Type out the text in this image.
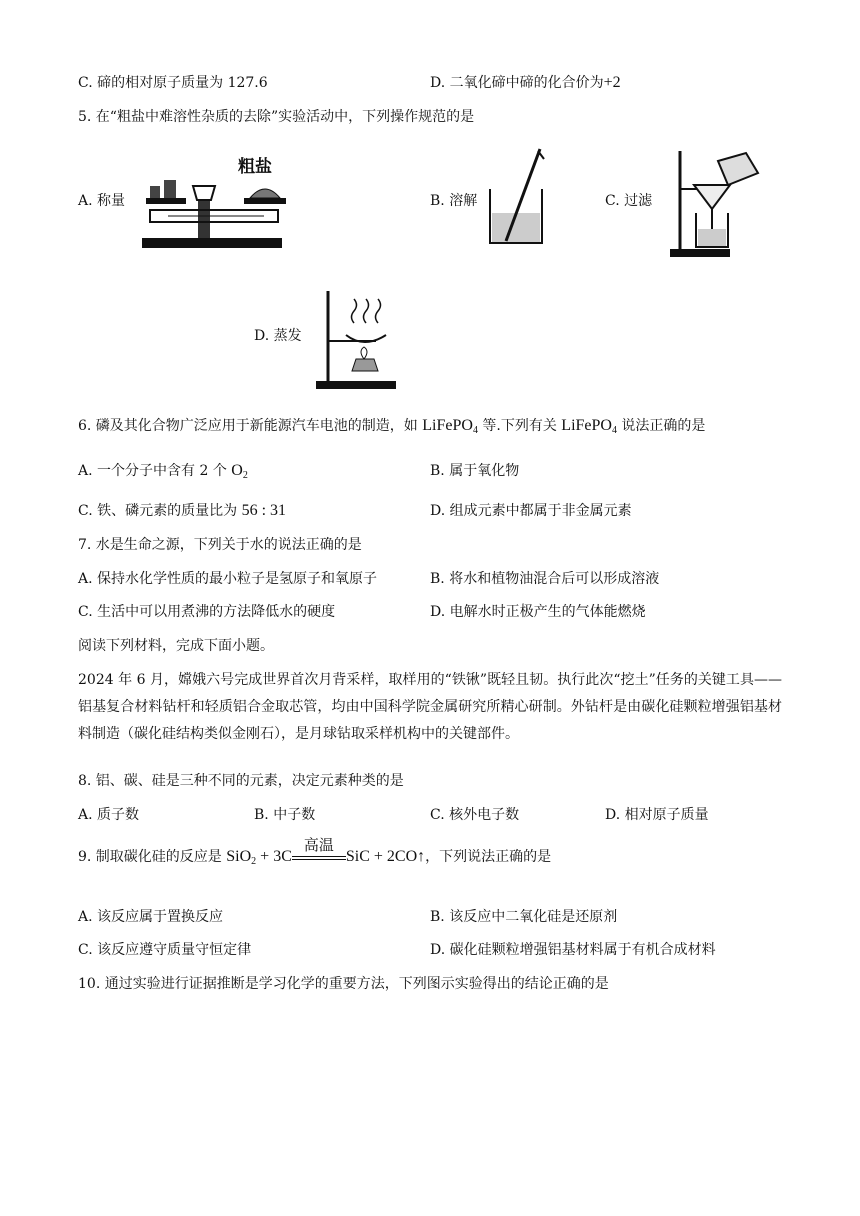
C. 碲的相对原子质量为 127.6	D. 二氧化碲中碲的化合价为+2
5. 在“粗盐中难溶性杂质的去除”实验活动中，下列操作规范的是
A. 称量
粗盐
B. 溶解	C. 过滤
D. 蒸发
6. 磷及其化合物广泛应用于新能源汽车电池的制造，如 LiFePO$_4$ 等.下列有关 LiFePO$_4$ 说法正确的是
A. 一个分子中含有 2 个 $O_2$	B. 属于氧化物
C. 铁、磷元素的质量比为 56 : 31	D. 组成元素中都属于非金属元素
7. 水是生命之源，下列关于水的说法正确的是
A. 保持水化学性质的最小粒子是氢原子和氧原子	B. 将水和植物油混合后可以形成溶液
C. 生活中可以用煮沸的方法降低水的硬度	D. 电解水时正极产生的气体能燃烧
阅读下列材料，完成下面小题。
2024 年 6 月，嫦娥六号完成世界首次月背采样，取样用的“铁锹”既轻且韧。执行此次“挖土”任务的关键工具——铝基复合材料钻杆和轻质铝合金取芯管，均由中国科学院金属研究所精心研制。外钻杆是由碳化硅颗粒增强铝基材料制造（碳化硅结构类似金刚石），是月球钻取采样机构中的关键部件。
8. 铝、碳、硅是三种不同的元素，决定元素种类的是
A. 质子数	B. 中子数	C. 核外电子数	D. 相对原子质量
9. 制取碳化硅的反应是 SiO$_2$ + 3C
高温
SiC + 2CO↑，下列说法正确的是
A. 该反应属于置换反应	B. 该反应中二氧化硅是还原剂
C. 该反应遵守质量守恒定律	D. 碳化硅颗粒增强铝基材料属于有机合成材料
10. 通过实验进行证据推断是学习化学的重要方法，下列图示实验得出的结论正确的是
